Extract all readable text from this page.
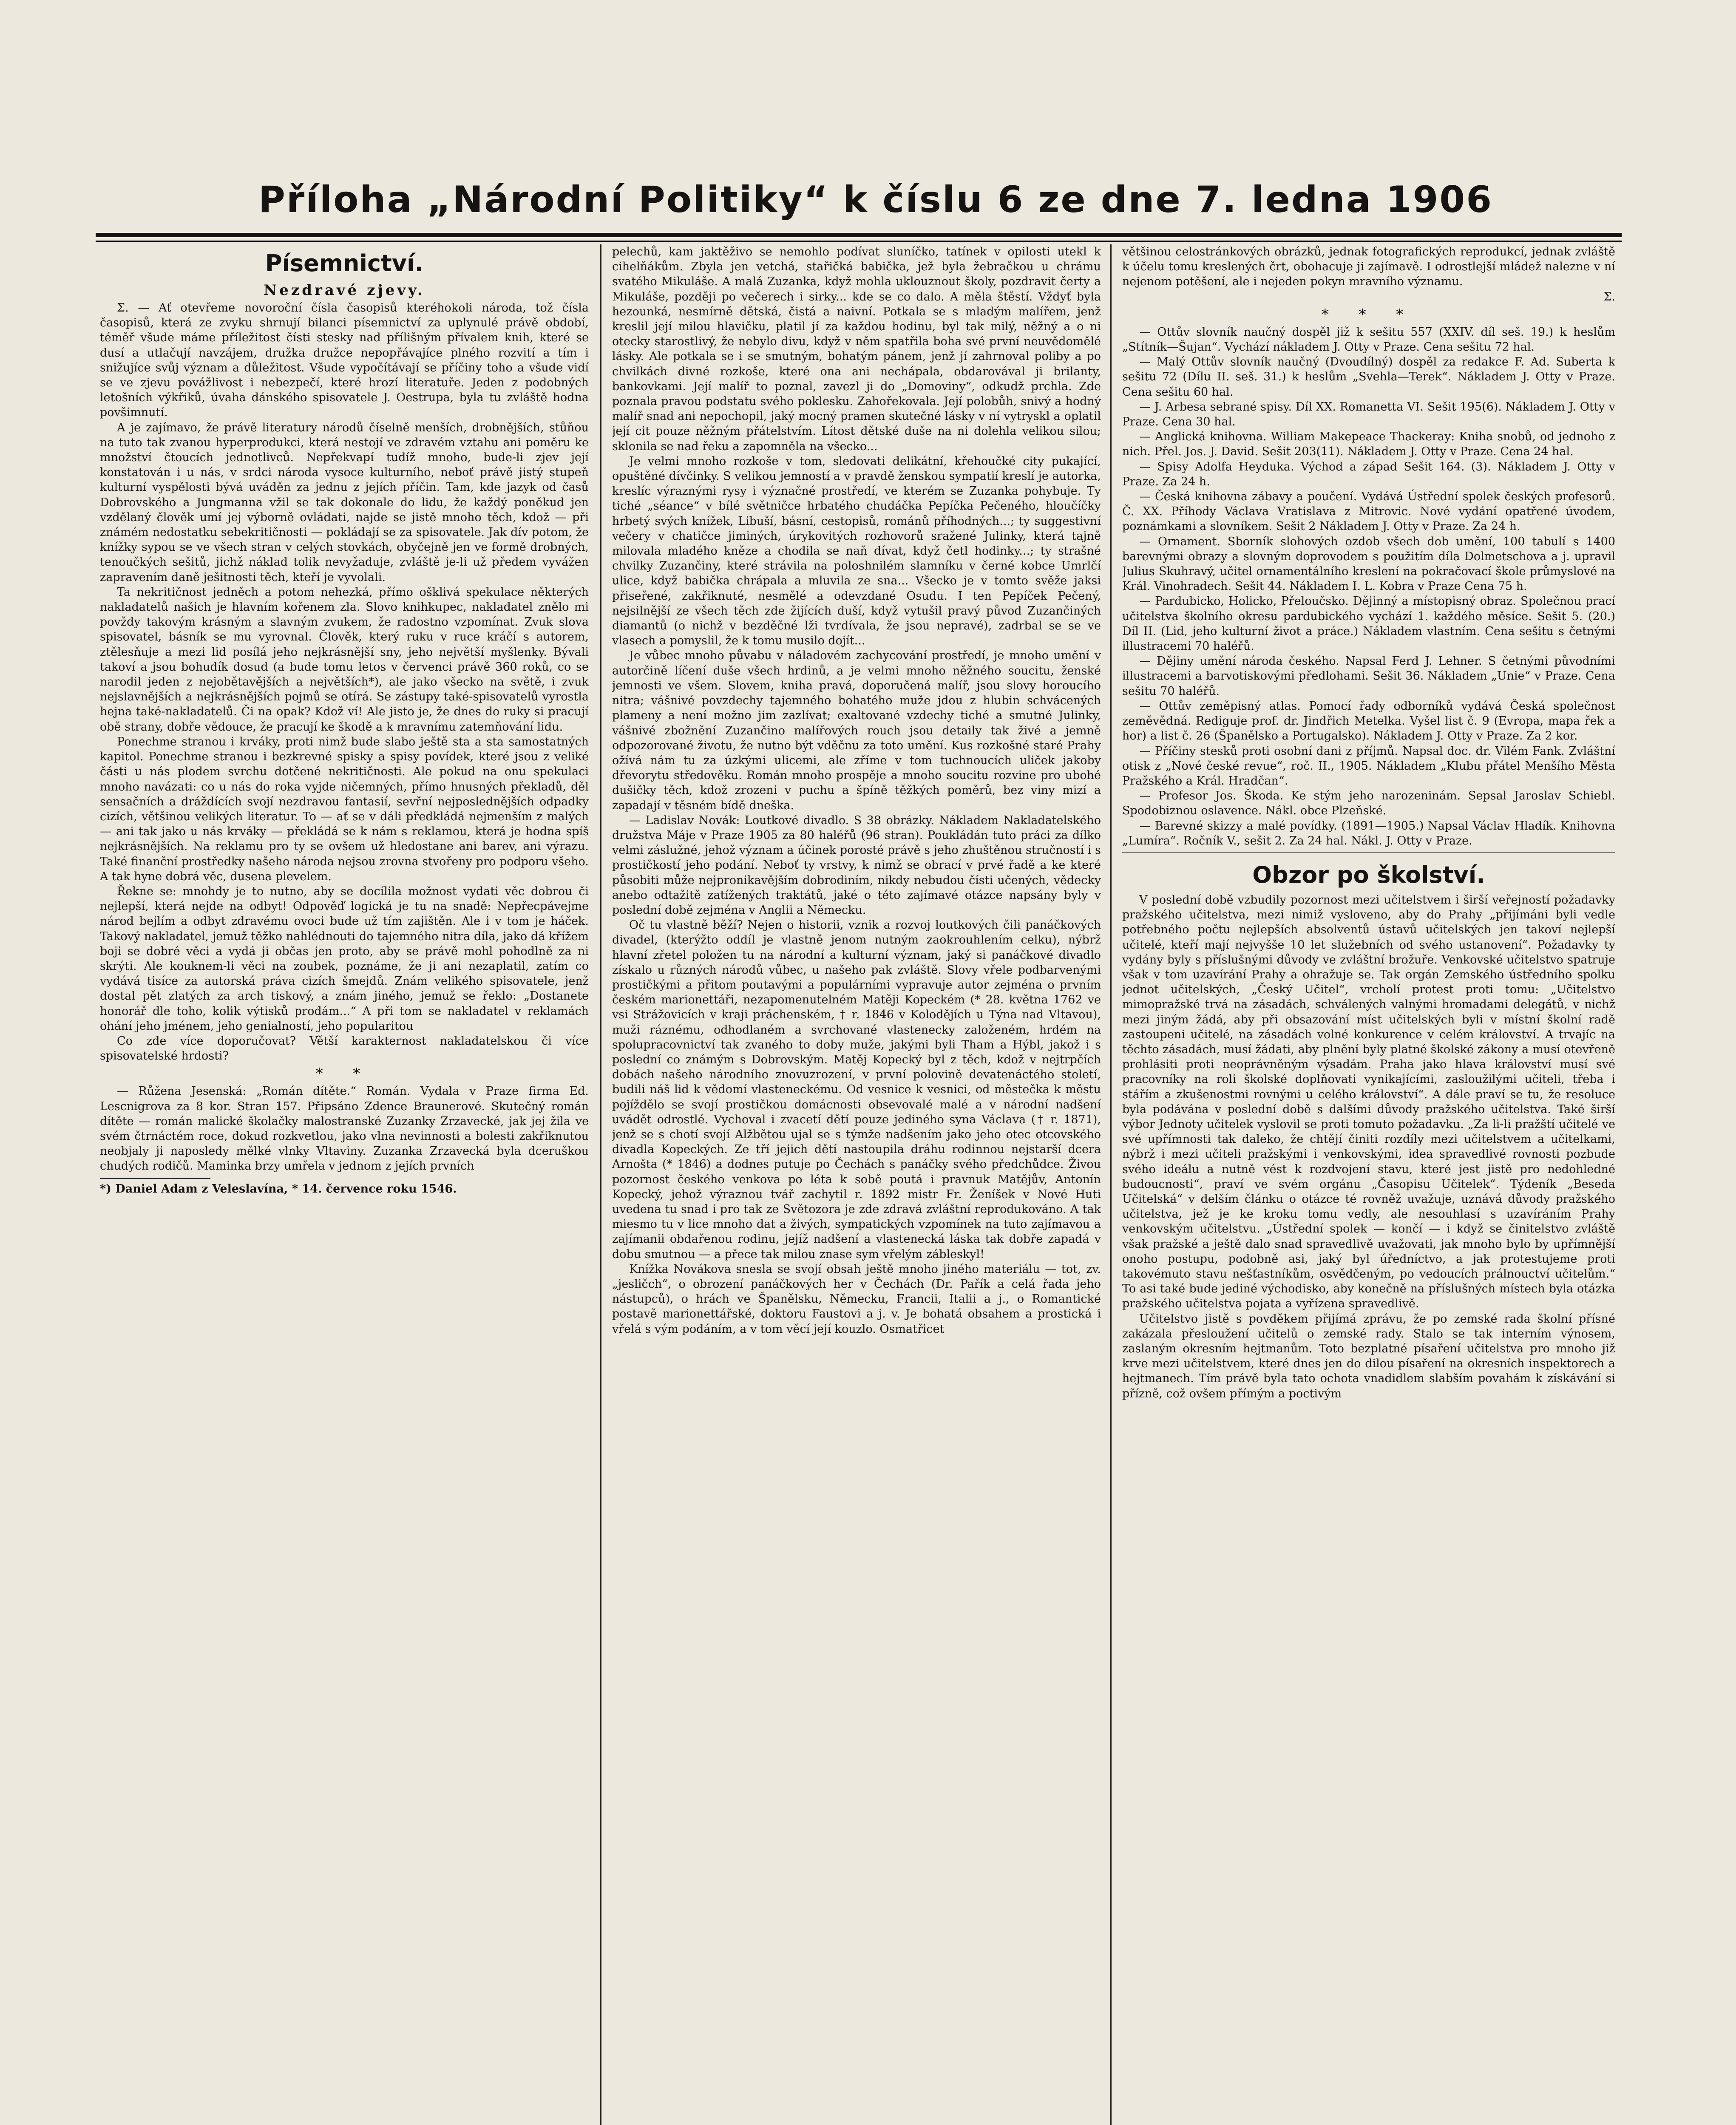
Příloha „Národní Politiky“ k číslu 6 ze dne 7. ledna 1906
Písemnictví.
Nezdravé zjevy.

Σ. — Ať otevřeme novoroční čísla časopisů kteréhokoli národa, tož čísla časopisů, která ze zvyku shrnují bilanci písemnictví za uplynulé právě období, téměř všude máme příležitost čísti stesky nad přílišným přívalem knih, které se dusí a utlačují navzájem, družka družce nepopřávajíce plného rozvití a tím i snižujíce svůj význam a důležitost. Všude vypočítávají se příčiny toho a všude vidí se ve zjevu povážlivost i nebezpečí, které hrozí literatuře. Jeden z podobných letošních výkřiků, úvaha dánského spisovatele J. Oestrupa, byla tu zvláště hodna povšimnutí.

A je zajímavo, že právě literatury národů číselně menších, drobnějších, stůňou na tuto tak zvanou hyperprodukci, která nestojí ve zdravém vztahu ani poměru ke množství čtoucích jednotlivců. Nepřekvapí tudíž mnoho, bude-li zjev její konstatován i u nás, v srdci národa vysoce kulturního, neboť právě jistý stupeň kulturní vyspělosti bývá uváděn za jednu z jejích příčin. Tam, kde jazyk od časů Dobrovského a Jungmanna vžil se tak dokonale do lidu, že každý poněkud jen vzdělaný člověk umí jej výborně ovládati, najde se jistě mnoho těch, kdož — při známém nedostatku sebekritičnosti — pokládají se za spisovatele. Jak dív potom, že knížky sypou se ve všech stran v celých stovkách, obyčejně jen ve formě drobných, tenoučkých sešitů, jichž náklad tolik nevyžaduje, zvláště je-li už předem vyvážen zapravením daně ješitnosti těch, kteří je vyvolali.

Ta nekritičnost jedněch a potom nehezká, přímo ošklivá spekulace některých nakladatelů našich je hlavním kořenem zla. Slovo knihkupec, nakladatel znělo mi povždy takovým krásným a slavným zvukem, že radostno vzpomínat. Zvuk slova spisovatel, básník se mu vyrovnal. Člověk, který ruku v ruce kráčí s autorem, ztělesňuje a mezi lid posílá jeho nejkrásnější sny, jeho největší myšlenky. Bývali takoví a jsou bohudík dosud (a bude tomu letos v červenci právě 360 roků, co se narodil jeden z nejobětavějších a největších*), ale jako všecko na světě, i zvuk nejslavnějších a nejkrásnějších pojmů se otírá. Se zástupy také-spisovatelů vyrostla hejna také-nakladatelů. Či na opak? Kdož ví! Ale jisto je, že dnes do ruky si pracují obě strany, dobře vědouce, že pracují ke škodě a k mravnímu zatemňování lidu.

Ponechme stranou i krváky, proti nimž bude slabo ještě sta a sta samostatných kapitol. Ponechme stranou i bezkrevné spisky a spisy povídek, které jsou z veliké části u nás plodem svrchu dotčené nekritičnosti. Ale pokud na onu spekulaci mnoho navázati: co u nás do roka vyjde ničemných, přímo hnusných překladů, děl sensačních a dráždících svojí nezdravou fantasií, sevřní nejposlednějších odpadky cizích, většinou velikých literatur. To — ať se v dáli předkládá nejmenším z malých — ani tak jako u nás krváky — překládá se k nám s reklamou, která je hodna spíš nejkrásnějších. Na reklamu pro ty se ovšem už hledostane ani barev, ani výrazu. Také finanční prostředky našeho národa nejsou zrovna stvořeny pro podporu všeho. A tak hyne dobrá věc, dusena plevelem.

Řekne se: mnohdy je to nutno, aby se docílila možnost vydati věc dobrou či nejlepší, která nejde na odbyt! Odpověď logická je tu na snadě: Nepřecpávejme národ bejlím a odbyt zdravému ovoci bude už tím zajištěn. Ale i v tom je háček. Takový nakladatel, jemuž těžko nahlédnouti do tajemného nitra díla, jako dá křížem boji se dobré věci a vydá ji občas jen proto, aby se právě mohl pohodlně za ni skrýti. Ale kouknem-li věci na zoubek, poznáme, že ji ani nezaplatil, zatím co vydává tisíce za autorská práva cizích šmejdů. Znám velikého spisovatele, jenž dostal pět zlatých za arch tiskový, a znám jiného, jemuž se řeklo: „Dostanete honorář dle toho, kolik výtisků prodám...“ A při tom se nakladatel v reklamách ohání jeho jménem, jeho genialností, jeho popularitou

Co zde více doporučovat? Větší karakternost nakladatelskou či více spisovatelské hrdosti?

* *

— Růžena Jesenská: „Román dítěte.“ Román. Vydala v Praze firma Ed. Lescnigrova za 8 kor. Stran 157. Připsáno Zdence Braunerové. Skutečný román dítěte — román malické školačky malostranské Zuzanky Zrzavecké, jak jej žila ve svém čtrnáctém roce, dokud rozkvetlou, jako vlna nevinnosti a bolesti zakřiknutou neobjaly ji naposledy mělké vlnky Vltaviny. Zuzanka Zrzavecká byla dceruškou chudých rodičů. Maminka brzy umřela v jednom z jejích prvních

*) Daniel Adam z Veleslavína, * 14. července roku 1546.

pelechů, kam jaktěživo se nemohlo podívat sluníčko, tatínek v opilosti utekl k cihelňákům. Zbyla jen vetchá, stařičká babička, jež byla žebračkou u chrámu svatého Mikuláše. A malá Zuzanka, když mohla uklouznout školy, pozdravit čerty a Mikuláše, později po večerech i sirky... kde se co dalo. A měla štěstí. Vždyť byla hezounká, nesmírně dětská, čistá a naivní. Potkala se s mladým malířem, jenž kreslil její milou hlavičku, platil jí za každou hodinu, byl tak milý, něžný a o ni otecky starostlivý, že nebylo divu, když v něm spatřila boha své první neuvědomělé lásky. Ale potkala se i se smutným, bohatým pánem, jenž jí zahrnoval poliby a po chvilkách divné rozkoše, které ona ani nechápala, obdarovával ji brilanty, bankovkami. Její malíř to poznal, zavezl ji do „Domoviny“, odkudž prchla. Zde poznala pravou podstatu svého poklesku. Zahořekovala. Její polobůh, snivý a hodný malíř snad ani nepochopil, jaký mocný pramen skutečné lásky v ní vytryskl a oplatil její cit pouze něžným přátelstvím. Lítost dětské duše na ni dolehla velikou silou; sklonila se nad řeku a zapomněla na všecko...

Je velmi mnoho rozkoše v tom, sledovati delikátní, křehoučké city pukající, opuštěné dívčinky. S velikou jemností a v pravdě ženskou sympatií kreslí je autorka, kreslíc výraznými rysy i význačné prostředí, ve kterém se Zuzanka pohybuje. Ty tiché „séance“ v bílé světničce hrbatého chudáčka Pepíčka Pečeného, hloučíčky hrbetý svých knížek, Libuší, básní, cestopisů, románů příhodných...; ty suggestivní večery v chatičce jiminých, úrykovitých rozhovorů sražené Julinky, která tajně milovala mladého kněze a chodila se naň dívat, když četl hodinky...; ty strašné chvilky Zuzančiny, které strávila na poloshnilém slamníku v černé kobce Umrlčí ulice, když babička chrápala a mluvila ze sna... Všecko je v tomto svěže jaksi přiseřené, zakřiknuté, nesmělé a odevzdané Osudu. I ten Pepíček Pečený, nejsilnější ze všech těch zde žijících duší, když vytušil pravý původ Zuzančiných diamantů (o nichž v bezděčné lži tvrdívala, že jsou nepravé), zadrbal se se ve vlasech a pomyslil, že k tomu musilo dojít...

Je vůbec mnoho půvabu v náladovém zachycování prostředí, je mnoho umění v autorčině líčení duše všech hrdinů, a je velmi mnoho něžného soucitu, ženské jemnosti ve všem. Slovem, kniha pravá, doporučená malíř, jsou slovy horoucího nitra; vášnivé povzdechy tajemného bohatého muže jdou z hlubin schvácených plameny a není možno jim zazlívat; exaltované vzdechy tiché a smutné Julinky, vášnivé zbožnění Zuzančino malířových rouch jsou detaily tak živé a jemně odpozorované životu, že nutno být vděčnu za toto umění. Kus rozkošné staré Prahy ožívá nám tu za úzkými ulicemi, ale zříme v tom tuchnoucích uliček jakoby dřevorytu středověku. Román mnoho prospěje a mnoho soucitu rozvine pro ubohé dušičky těch, kdož zrozeni v puchu a špíně těžkých poměrů, bez viny mizí a zapadají v těsném bídě dneška.

— Ladislav Novák: Loutkové divadlo. S 38 obrázky. Nákladem Nakladatelského družstva Máje v Praze 1905 za 80 haléřů (96 stran). Poukládán tuto práci za dílko velmi záslužné, jehož význam a účinek porosté právě s jeho zhuštěnou stručností i s prostičkostí jeho podání. Neboť ty vrstvy, k nimž se obrací v prvé řadě a ke které působiti může nejpronikavějším dobrodiním, nikdy nebudou čísti učených, vědecky anebo odtažitě zatížených traktátů, jaké o této zajímavé otázce napsány byly v poslední době zejména v Anglii a Německu.

Oč tu vlastně běží? Nejen o historii, vznik a rozvoj loutkových čili panáčkových divadel, (kterýžto oddíl je vlastně jenom nutným zaokrouhlením celku), nýbrž hlavní zřetel položen tu na národní a kulturní význam, jaký si panáčkové divadlo získalo u různých národů vůbec, u našeho pak zvláště. Slovy vřele podbarvenými prostičkými a přitom poutavými a populárními vypravuje autor zejména o prvním českém marionettáři, nezapomenutelném Matěji Kopeckém (* 28. května 1762 ve vsi Strážovicích v kraji práchenském, † r. 1846 v Kolodějích u Týna nad Vltavou), muži ráznému, odhodlaném a svrchované vlastenecky založeném, hrdém na spolupracovnictví tak zvaného to doby muže, jakými byli Tham a Hýbl, jakož i s poslední co známým s Dobrovským. Matěj Kopecký byl z těch, kdož v nejtrpčích dobách našeho národního znovuzrození, v první polovině devatenáctého století, budili náš lid k vědomí vlasteneckému. Od vesnice k vesnici, od městečka k městu pojíždělo se svojí prostičkou domácnosti obsevovalé malé a v národní nadšení uvádět odrostlé. Vychoval i zvacetí dětí pouze jediného syna Václava († r. 1871), jenž se s chotí svojí Alžbětou ujal se s týmže nadšením jako jeho otec otcovského divadla Kopeckých. Ze tří jejich dětí nastoupila dráhu rodinnou nejstarší dcera Arnošta (* 1846) a dodnes putuje po Čechách s panáčky svého předchůdce. Živou pozornost českého venkova po léta k sobě poutá i pravnuk Matějův, Antonín Kopecký, jehož výraznou tvář zachytil r. 1892 mistr Fr. Ženíšek v Nové Huti uvedena tu snad i pro tak ze Světozora je zde zdravá zvláštní reprodukováno. A tak miesmo tu v lice mnoho dat a živých, sympatických vzpomínek na tuto zajímavou a zajímanii obdařenou rodinu, jejíž nadšení a vlastenecká láska tak dobře zapadá v dobu smutnou — a přece tak milou znase sym vřelým zábleskyl!

Knížka Novákova snesla se svojí obsah ještě mnoho jiného materiálu — tot, zv. „jesličch“, o obrození panáčkových her v Čechách (Dr. Pařík a celá řada jeho nástupců), o hrách ve Španělsku, Německu, Francii, Italii a j., o Romantické postavě marionettářské, doktoru Faustovi a j. v. Je bohatá obsahem a prostická i vřelá s vým podáním, a v tom věcí její kouzlo. Osmatřicet

většinou celostránkových obrázků, jednak fotografických reprodukcí, jednak zvláště k účelu tomu kreslených črt, obohacuje ji zajímavě. I odrostlejší mládež nalezne v ní nejenom potěšení, ale i nejeden pokyn mravního významu.

Σ.
* * *

— Ottův slovník naučný dospěl již k sešitu 557 (XXIV. díl seš. 19.) k heslům „Stítník—Šujan“. Vychází nákladem J. Otty v Praze. Cena sešitu 72 hal.

— Malý Ottův slovník naučný (Dvoudílný) dospěl za redakce F. Ad. Suberta k sešitu 72 (Dílu II. seš. 31.) k heslům „Svehla—Terek“. Nákladem J. Otty v Praze. Cena sešitu 60 hal.

— J. Arbesa sebrané spisy. Díl XX. Romanetta VI. Sešit 195(6). Nákladem J. Otty v Praze. Cena 30 hal.

— Anglická knihovna. William Makepeace Thackeray: Kniha snobů, od jednoho z nich. Přel. Jos. J. David. Sešit 203(11). Nákladem J. Otty v Praze. Cena 24 hal.

— Spisy Adolfa Heyduka. Východ a západ Sešit 164. (3). Nákladem J. Otty v Praze. Za 24 h.

— Česká knihovna zábavy a poučení. Vydává Ústřední spolek českých profesorů. Č. XX. Příhody Václava Vratislava z Mitrovic. Nové vydání opatřené úvodem, poznámkami a slovníkem. Sešit 2 Nákladem J. Otty v Praze. Za 24 h.

— Ornament. Sborník slohových ozdob všech dob umění, 100 tabulí s 1400 barevnými obrazy a slovným doprovodem s použitím díla Dolmetschova a j. upravil Julius Skuhravý, učitel ornamentálního kreslení na pokračovací škole průmyslové na Král. Vinohradech. Sešit 44. Nákladem I. L. Kobra v Praze Cena 75 h.

— Pardubicko, Holicko, Přeloučsko. Dějinný a místopisný obraz. Společnou prací učitelstva školního okresu pardubického vychází 1. každého měsíce. Sešit 5. (20.) Díl II. (Lid, jeho kulturní život a práce.) Nákladem vlastním. Cena sešitu s četnými illustracemi 70 haléřů.

— Dějiny umění národa českého. Napsal Ferd J. Lehner. S četnými původními illustracemi a barvotiskovými předlohami. Sešit 36. Nákladem „Unie“ v Praze. Cena sešitu 70 haléřů.

— Ottův zeměpisný atlas. Pomocí řady odborníků vydává Česká společnost zeměvědná. Rediguje prof. dr. Jindřich Metelka. Vyšel list č. 9 (Evropa, mapa řek a hor) a list č. 26 (Španělsko a Portugalsko). Nákladem J. Otty v Praze. Za 2 kor.

— Příčiny stesků proti osobní dani z příjmů. Napsal doc. dr. Vilém Fank. Zvláštní otisk z „Nové české revue“, roč. II., 1905. Nákladem „Klubu přátel Menšího Města Pražského a Král. Hradčan“.

— Profesor Jos. Škoda. Ke stým jeho narozeninám. Sepsal Jaroslav Schiebl. Spodobiznou oslavence. Nákl. obce Plzeňské.

— Barevné skizzy a malé povídky. (1891—1905.) Napsal Václav Hladík. Knihovna „Lumíra“. Ročník V., sešit 2. Za 24 hal. Nákl. J. Otty v Praze.

Obzor po školství.

V poslední době vzbudily pozornost mezi učitelstvem i širší veřejností požadavky pražského učitelstva, mezi nimiž vysloveno, aby do Prahy „přijímáni byli vedle potřebného počtu nejlepších absolventů ústavů učitelských jen takoví nejlepší učitelé, kteří mají nejvyšše 10 let služebních od svého ustanovení“. Požadavky ty vydány byly s příslušnými důvody ve zvláštní brožuře. Venkovské učitelstvo spatruje však v tom uzavírání Prahy a ohražuje se. Tak orgán Zemského ústředního spolku jednot učitelských, „Český Učitel“, vrcholí protest proti tomu: „Učitelstvo mimopražské trvá na zásadách, schválených valnými hromadami delegátů, v nichž mezi jiným žádá, aby při obsazování míst učitelských byli v místní školní radě zastoupeni učitelé, na zásadách volné konkurence v celém království. A trvajíc na těchto zásadách, musí žádati, aby plnění byly platné školské zákony a musí otevřeně prohlásiti proti neoprávněným výsadám. Praha jako hlava království musí své pracovníky na roli školské doplňovati vynikajícími, zasloužilými učiteli, třeba i stářím a zkušenostmi rovnými u celého království“. A dále praví se tu, že resoluce byla podávána v poslední době s dalšími důvody pražského učitelstva. Také širší výbor Jednoty učitelek vyslovil se proti tomuto požadavku. „Za li-li pražští učitelé ve své upřímnosti tak daleko, že chtějí činiti rozdíly mezi učitelstvem a učitelkami, nýbrž i mezi učiteli pražskými i venkovskými, idea spravedlivé rovnosti pozbude svého ideálu a nutně vést k rozdvojení stavu, které jest jistě pro nedohledné budoucnosti“, praví ve svém orgánu „Časopisu Učitelek“. Týdeník „Beseda Učitelská“ v delším článku o otázce té rovněž uvažuje, uznává důvody pražského učitelstva, jež je ke kroku tomu vedly, ale nesouhlasí s uzavíráním Prahy venkovským učitelstvu. „Ústřední spolek — končí — i když se činitelstvo zvláště však pražské a ještě dalo snad spravedlivě uvažovati, jak mnoho bylo by upřímnější onoho postupu, podobně asi, jaký byl úředníctvo, a jak protestujeme proti takovémuto stavu nešťastníkům, osvědčeným, po vedoucích prálnouctví učitelům.“ To asi také bude jediné východisko, aby konečně na příslušných místech byla otázka pražského učitelstva pojata a vyřízena spravedlivě.

Učitelstvo jistě s povděkem přijímá zprávu, že po zemské rada školní přísné zakázala přesloužení učitelů o zemské rady. Stalo se tak interním výnosem, zaslaným okresním hejtmanům. Toto bezplatné písaření učitelstva pro mnoho již krve mezi učitelstvem, které dnes jen do dilou písaření na okresních inspektorech a hejtmanech. Tím právě byla tato ochota vnadidlem slabším povahám k získávání si přízně, což ovšem přímým a poctivým
